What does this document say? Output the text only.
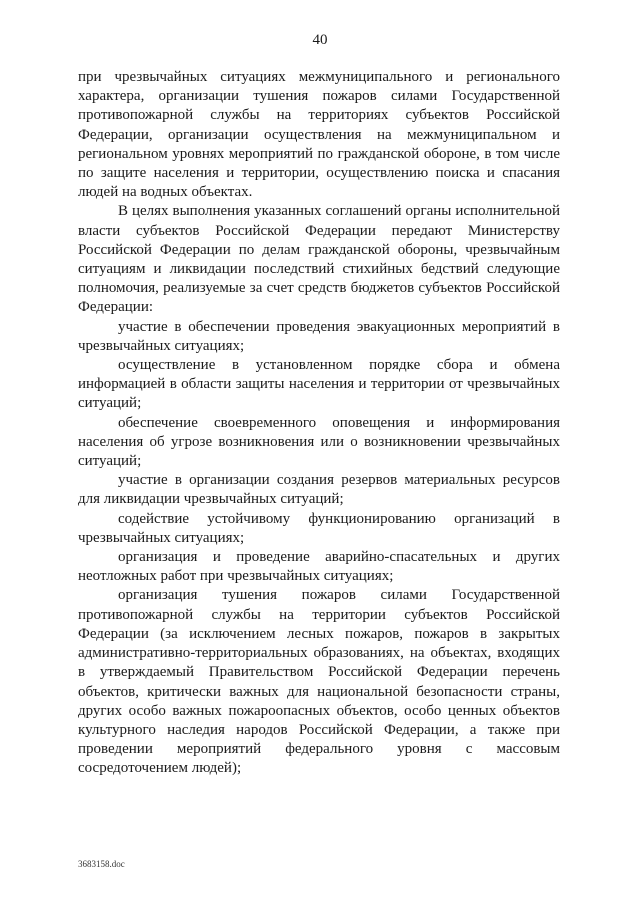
40

при чрезвычайных ситуациях межмуниципального и регионального характера, организации тушения пожаров силами Государственной противопожарной службы на территориях субъектов Российской Федерации, организации осуществления на межмуниципальном и региональном уровнях мероприятий по гражданской обороне, в том числе по защите населения и территории, осуществлению поиска и спасания людей на водных объектах.

В целях выполнения указанных соглашений органы исполнительной власти субъектов Российской Федерации передают Министерству Российской Федерации по делам гражданской обороны, чрезвычайным ситуациям и ликвидации последствий стихийных бедствий следующие полномочия, реализуемые за счет средств бюджетов субъектов Российской Федерации:

участие в обеспечении проведения эвакуационных мероприятий в чрезвычайных ситуациях;

осуществление в установленном порядке сбора и обмена информацией в области защиты населения и территории от чрезвычайных ситуаций;

обеспечение своевременного оповещения и информирования населения об угрозе возникновения или о возникновении чрезвычайных ситуаций;

участие в организации создания резервов материальных ресурсов для ликвидации чрезвычайных ситуаций;

содействие устойчивому функционированию организаций в чрезвычайных ситуациях;

организация и проведение аварийно-спасательных и других неотложных работ при чрезвычайных ситуациях;

организация тушения пожаров силами Государственной противопожарной службы на территории субъектов Российской Федерации (за исключением лесных пожаров, пожаров в закрытых административно-территориальных образованиях, на объектах, входящих в утверждаемый Правительством Российской Федерации перечень объектов, критически важных для национальной безопасности страны, других особо важных пожароопасных объектов, особо ценных объектов культурного наследия народов Российской Федерации, а также при проведении мероприятий федерального уровня с массовым сосредоточением людей);

3683158.doc
